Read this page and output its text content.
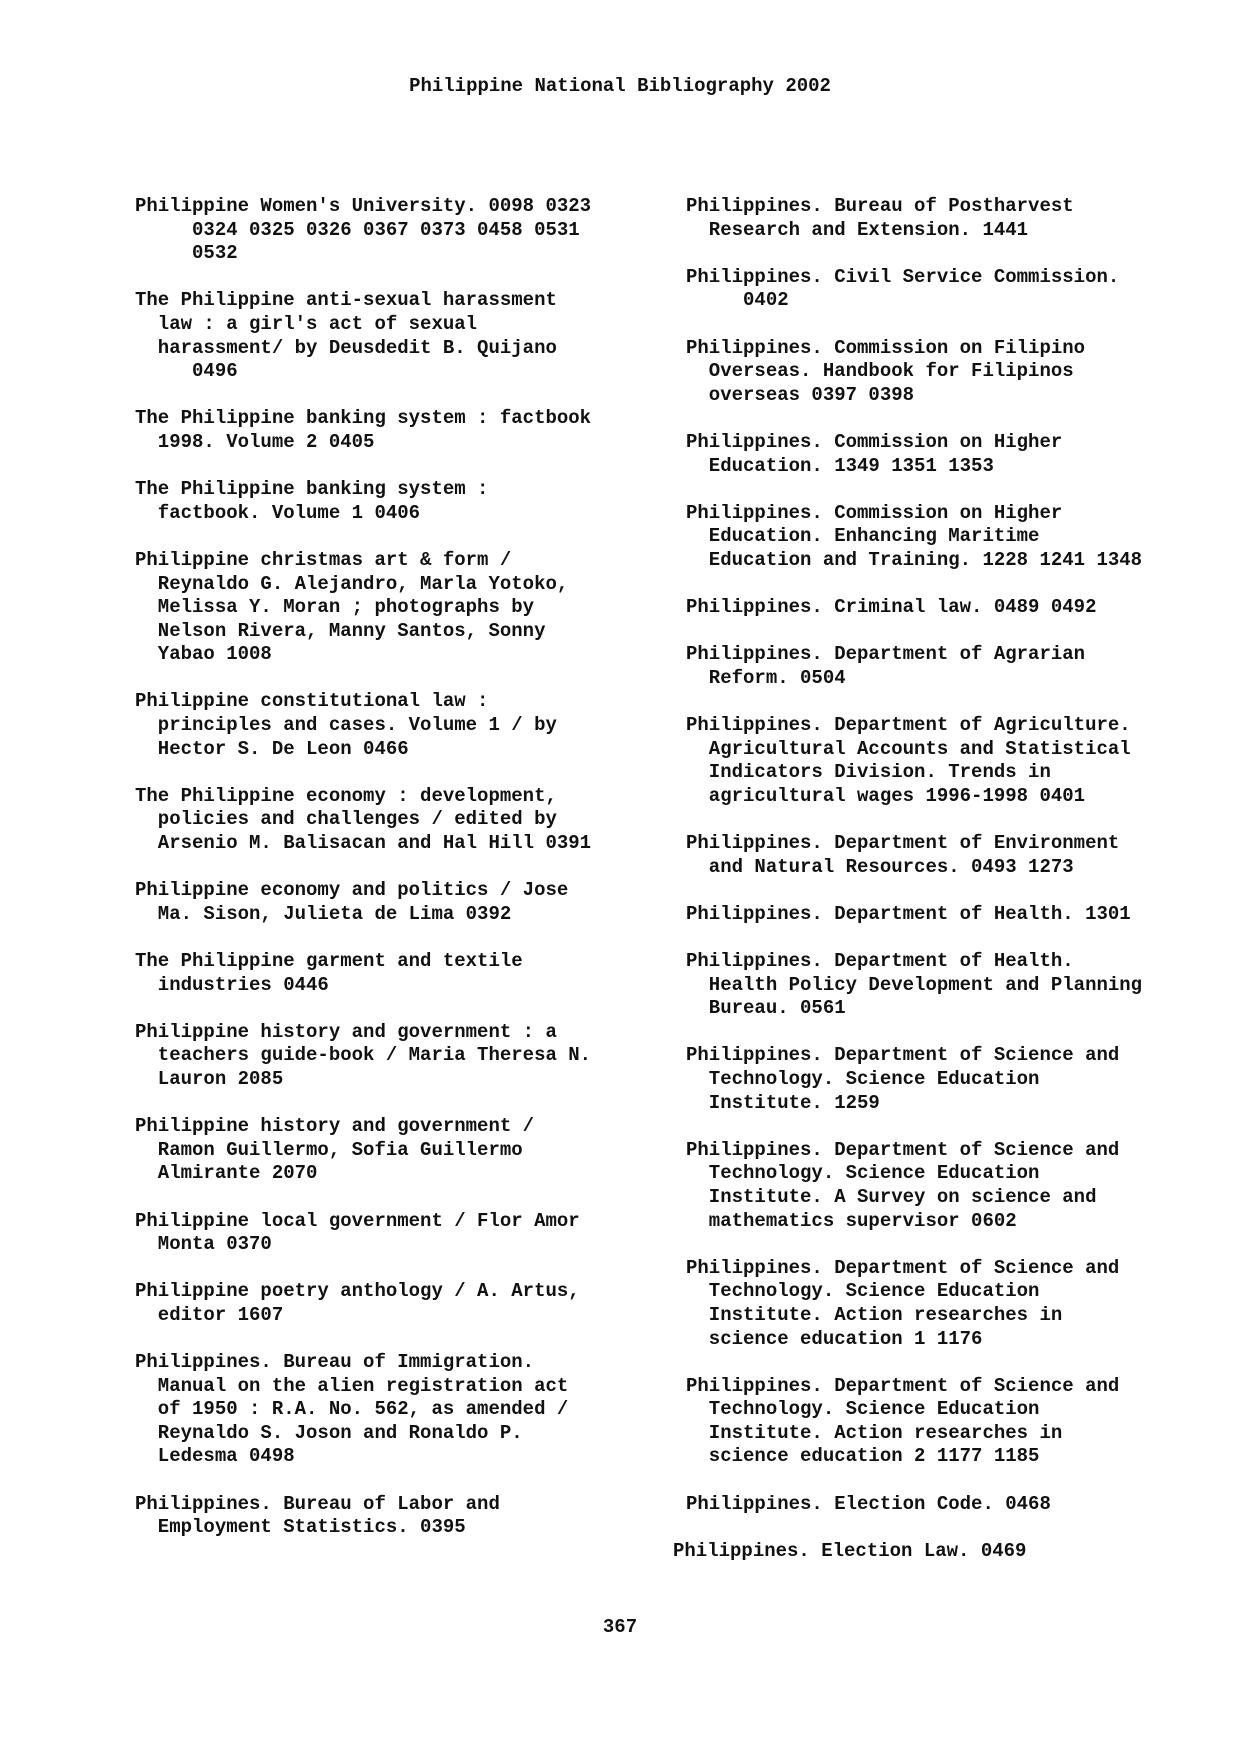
Philippine National Bibliography 2002
Philippine Women's University. 0098 0323
0324 0325 0326 0367 0373 0458 0531
0532
The Philippine anti-sexual harassment
law : a girl's act of sexual
harassment/ by Deusdedit B. Quijano
0496
The Philippine banking system : factbook
1998. Volume 2 0405
The Philippine banking system :
factbook. Volume 1 0406
Philippine christmas art & form /
Reynaldo G. Alejandro, Marla Yotoko,
Melissa Y. Moran ; photographs by
Nelson Rivera, Manny Santos, Sonny
Yabao 1008
Philippine constitutional law :
principles and cases. Volume 1 / by
Hector S. De Leon 0466
The Philippine economy : development,
policies and challenges / edited by
Arsenio M. Balisacan and Hal Hill 0391
Philippine economy and politics / Jose
Ma. Sison, Julieta de Lima 0392
The Philippine garment and textile
industries 0446
Philippine history and government : a
teachers guide-book / Maria Theresa N.
Lauron 2085
Philippine history and government /
Ramon Guillermo, Sofia Guillermo
Almirante 2070
Philippine local government / Flor Amor
Monta 0370
Philippine poetry anthology / A. Artus,
editor 1607
Philippines. Bureau of Immigration.
Manual on the alien registration act
of 1950 : R.A. No. 562, as amended /
Reynaldo S. Joson and Ronaldo P.
Ledesma 0498
Philippines. Bureau of Labor and
Employment Statistics. 0395
Philippines. Bureau of Postharvest
Research and Extension. 1441
Philippines. Civil Service Commission.
0402
Philippines. Commission on Filipino
Overseas. Handbook for Filipinos
overseas 0397 0398
Philippines. Commission on Higher
Education. 1349 1351 1353
Philippines. Commission on Higher
Education. Enhancing Maritime
Education and Training. 1228 1241 1348
Philippines. Criminal law. 0489 0492
Philippines. Department of Agrarian
Reform. 0504
Philippines. Department of Agriculture.
Agricultural Accounts and Statistical
Indicators Division. Trends in
agricultural wages 1996-1998 0401
Philippines. Department of Environment
and Natural Resources. 0493 1273
Philippines. Department of Health. 1301
Philippines. Department of Health.
Health Policy Development and Planning
Bureau. 0561
Philippines. Department of Science and
Technology. Science Education
Institute. 1259
Philippines. Department of Science and
Technology. Science Education
Institute. A Survey on science and
mathematics supervisor 0602
Philippines. Department of Science and
Technology. Science Education
Institute. Action researches in
science education 1 1176
Philippines. Department of Science and
Technology. Science Education
Institute. Action researches in
science education 2 1177 1185
Philippines. Election Code. 0468
Philippines. Election Law. 0469
367
